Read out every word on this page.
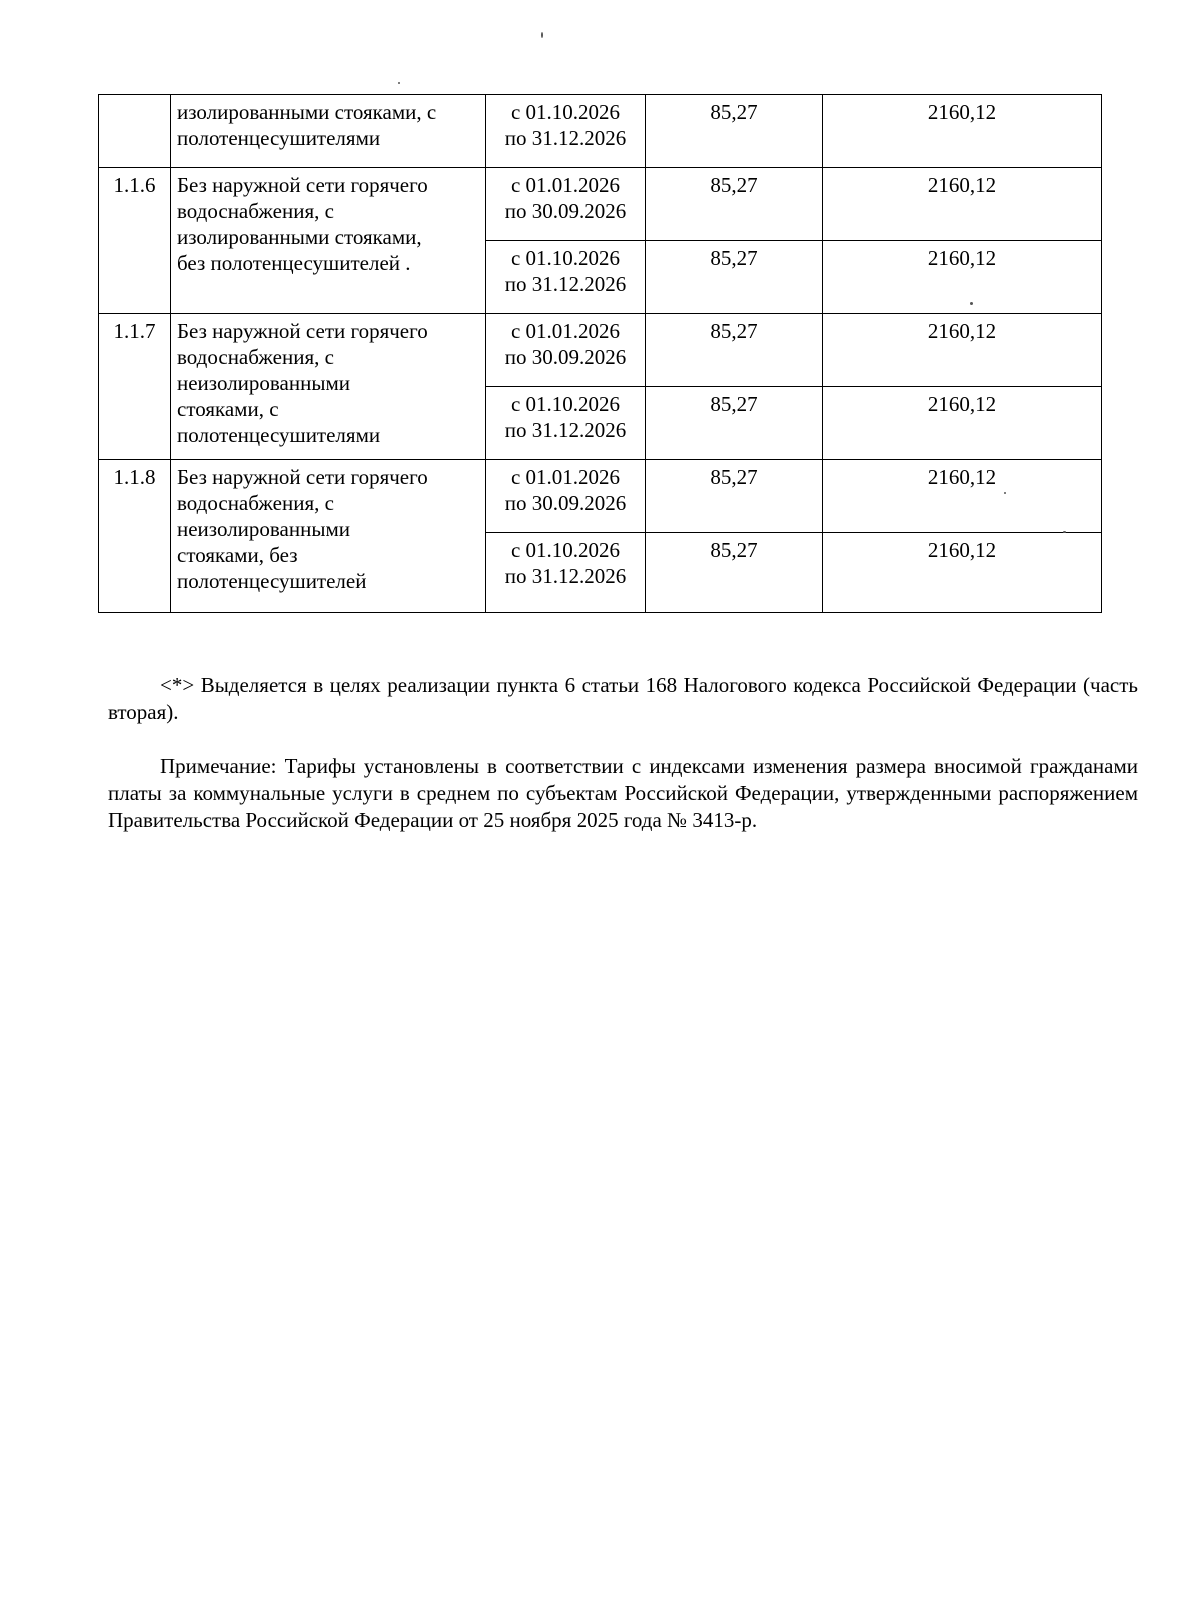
	изолированными стояками, с
полотенцесушителями	с 01.10.2026
по 31.12.2026	85,27	2160,12
1.1.6	Без наружной сети горячего
водоснабжения, с
изолированными стояками,
без полотенцесушителей .	с 01.01.2026
по 30.09.2026	85,27	2160,12

		с 01.10.2026
по 31.12.2026	85,27	2160,12
1.1.7	Без наружной сети горячего
водоснабжения, с
неизолированными
стояками, с
полотенцесушителями	с 01.01.2026
по 30.09.2026	85,27	2160,12

		с 01.10.2026
по 31.12.2026	85,27	2160,12
1.1.8	Без наружной сети горячего
водоснабжения, с
неизолированными
стояками, без
полотенцесушителей	с 01.01.2026
по 30.09.2026	85,27	2160,12

		с 01.10.2026
по 31.12.2026	85,27	2160,12

<*> Выделяется в целях реализации пункта 6 статьи 168 Налогового кодекса Российской Федерации (часть вторая).

Примечание: Тарифы установлены в соответствии с индексами изменения размера вносимой гражданами платы за коммунальные услуги в среднем по субъектам Российской Федерации, утвержденными распоряжением Правительства Российской Федерации от 25 ноября 2025 года № 3413-р.
